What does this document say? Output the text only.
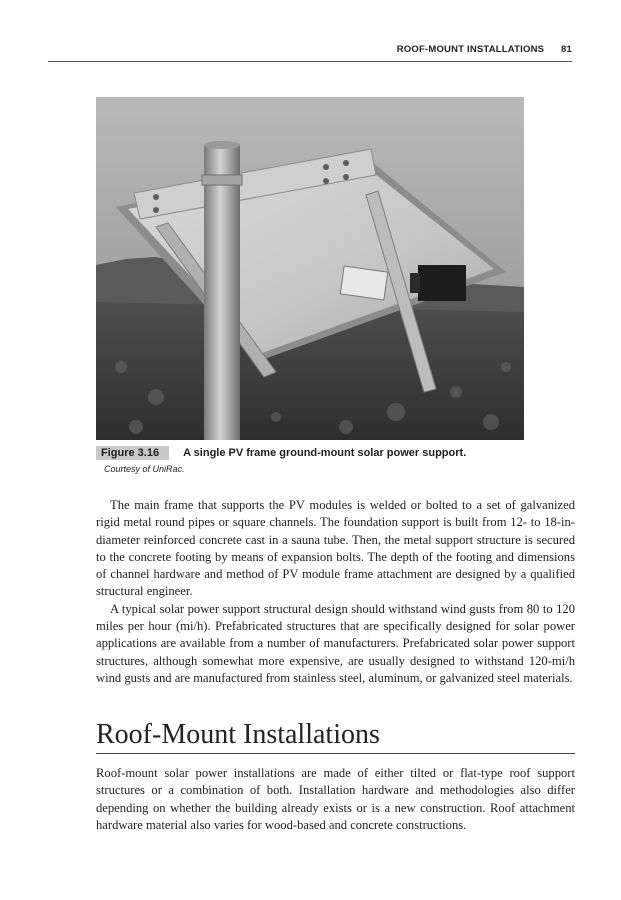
ROOF-MOUNT INSTALLATIONS 81
Figure 3.16 A single PV frame ground-mount solar power support.
Courtesy of UniRac.

The main frame that supports the PV modules is welded or bolted to a set of galvanized rigid metal round pipes or square channels. The foundation support is built from 12- to 18-in-diameter reinforced concrete cast in a sauna tube. Then, the metal support structure is secured to the concrete footing by means of expansion bolts. The depth of the footing and dimensions of channel hardware and method of PV module frame attachment are designed by a qualified structural engineer.

A typical solar power support structural design should withstand wind gusts from 80 to 120 miles per hour (mi/h). Prefabricated structures that are specifically designed for solar power applications are available from a number of manufacturers. Prefabricated solar power support structures, although somewhat more expensive, are usually designed to withstand 120-mi/h wind gusts and are manufactured from stainless steel, aluminum, or galvanized steel materials.

Roof-Mount Installations

Roof-mount solar power installations are made of either tilted or flat-type roof support structures or a combination of both. Installation hardware and methodologies also differ depending on whether the building already exists or is a new construction. Roof attachment hardware material also varies for wood-based and concrete constructions.
